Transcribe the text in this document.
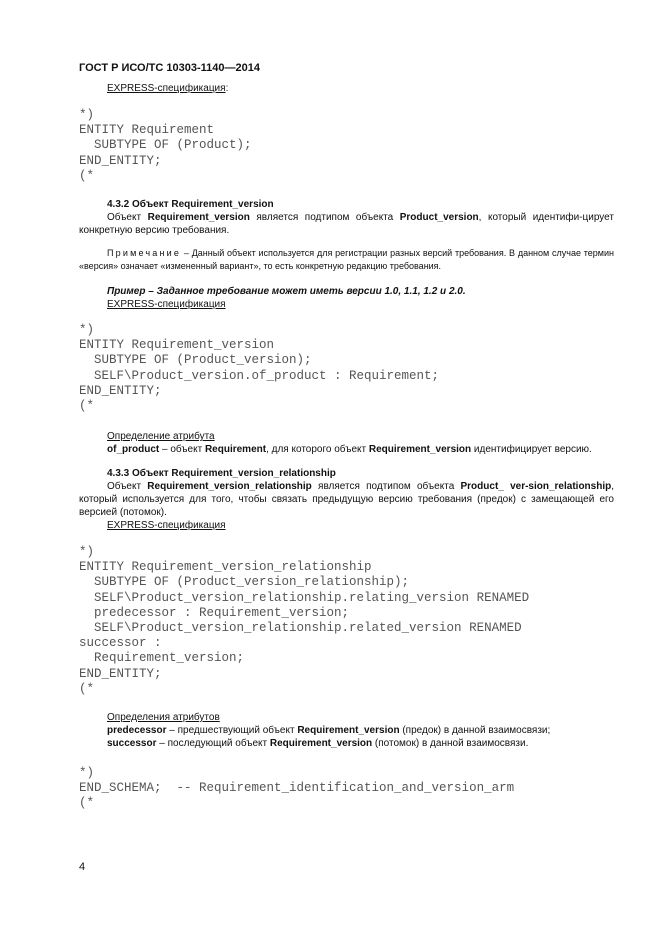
ГОСТ Р ИСО/ТС 10303-1140—2014
EXPRESS-спецификация:
*)
ENTITY Requirement
SUBTYPE OF (Product);
END_ENTITY;
(*
4.3.2 Объект Requirement_version
Объект Requirement_version является подтипом объекта Product_version, который идентифи-цирует конкретную версию требования.
Примечание – Данный объект используется для регистрации разных версий требования. В данном случае термин «версия» означает «измененный вариант», то есть конкретную редакцию требования.
Пример – Заданное требование может иметь версии 1.0, 1.1, 1.2 и 2.0.
EXPRESS-спецификация
*)
ENTITY Requirement_version
SUBTYPE OF (Product_version);
SELF\Product_version.of_product : Requirement;
END_ENTITY;
(*
Определение атрибута
of_product – объект Requirement, для которого объект Requirement_version идентифицирует версию.
4.3.3 Объект Requirement_version_relationship
Объект Requirement_version_relationship является подтипом объекта Product_ ver-sion_relationship, который используется для того, чтобы связать предыдущую версию требования (предок) с замещающей его версией (потомок).
EXPRESS-спецификация
*)
ENTITY Requirement_version_relationship
SUBTYPE OF (Product_version_relationship);
SELF\Product_version_relationship.relating_version RENAMED
predecessor : Requirement_version;
SELF\Product_version_relationship.related_version RENAMED
successor :
Requirement_version;
END_ENTITY;
(*
Определения атрибутов
predecessor – предшествующий объект Requirement_version (предок) в данной взаимосвязи;
successor – последующий объект Requirement_version (потомок) в данной взаимосвязи.
*)
END_SCHEMA;  -- Requirement_identification_and_version_arm
(*
4
